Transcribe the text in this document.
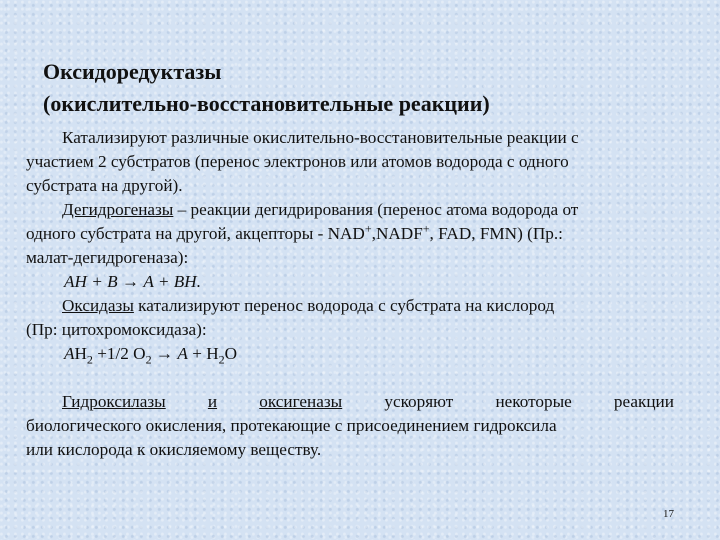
Оксидоредуктазы
(окислительно-восстановительные реакции)

Катализируют различные окислительно-восстановительные реакции с

участием 2 субстратов (перенос электронов или атомов водорода с одного

субстрата на другой).

Дегидрогеназы – реакции дегидрирования (перенос атома водорода от

одного субстрата на другой, акцепторы - NAD+,NADF+, FAD, FMN) (Пр.:

малат-дегидрогеназа):

AH + B → A + BH.

Оксидазы катализируют перенос водорода с субстрата на кислород

(Пр: цитохромоксидаза):

$AH_2 +1/2$ $O_2 \to A + H_2O$

Гидроксилазы и оксигеназы ускоряют некоторые реакции

биологического окисления, протекающие с присоединением гидроксила

или кислорода к окисляемому веществу.

17
